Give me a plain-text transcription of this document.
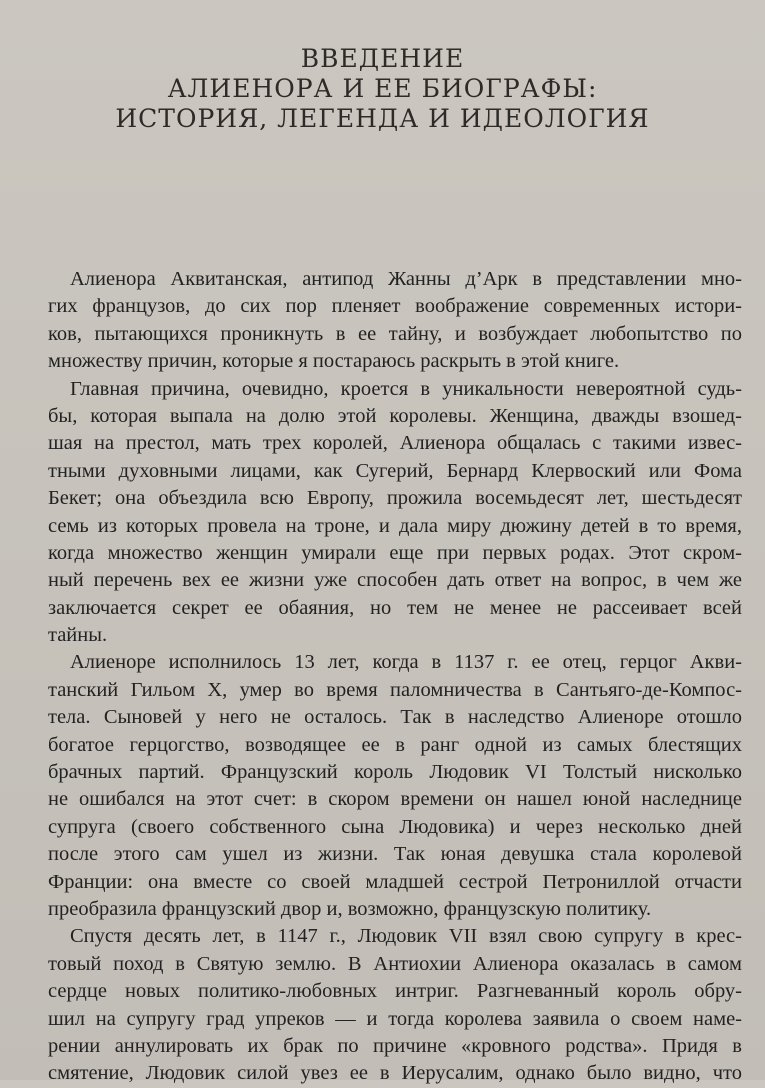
ВВЕДЕНИЕ
АЛИЕНОРА И ЕЕ БИОГРАФЫ:
ИСТОРИЯ, ЛЕГЕНДА И ИДЕОЛОГИЯ
Алиенора Аквитанская, антипод Жанны д’Арк в представлении мно-
гих французов, до сих пор пленяет воображение современных истори-
ков, пытающихся проникнуть в ее тайну, и возбуждает любопытство по
множеству причин, которые я постараюсь раскрыть в этой книге.
Главная причина, очевидно, кроется в уникальности невероятной судь-
бы, которая выпала на долю этой королевы. Женщина, дважды взошед-
шая на престол, мать трех королей, Алиенора общалась с такими извес-
тными духовными лицами, как Сугерий, Бернард Клервоский или Фома
Бекет; она объездила всю Европу, прожила восемьдесят лет, шестьдесят
семь из которых провела на троне, и дала миру дюжину детей в то время,
когда множество женщин умирали еще при первых родах. Этот скром-
ный перечень вех ее жизни уже способен дать ответ на вопрос, в чем же
заключается секрет ее обаяния, но тем не менее не рассеивает всей
тайны.
Алиеноре исполнилось 13 лет, когда в 1137 г. ее отец, герцог Акви-
танский Гильом X, умер во время паломничества в Сантьяго-де-Компос-
тела. Сыновей у него не осталось. Так в наследство Алиеноре отошло
богатое герцогство, возводящее ее в ранг одной из самых блестящих
брачных партий. Французский король Людовик VI Толстый нисколько
не ошибался на этот счет: в скором времени он нашел юной наследнице
супруга (своего собственного сына Людовика) и через несколько дней
после этого сам ушел из жизни. Так юная девушка стала королевой
Франции: она вместе со своей младшей сестрой Петрониллой отчасти
преобразила французский двор и, возможно, французскую политику.
Спустя десять лет, в 1147 г., Людовик VII взял свою супругу в крес-
товый поход в Святую землю. В Антиохии Алиенора оказалась в самом
сердце новых политико-любовных интриг. Разгневанный король обру-
шил на супругу град упреков — и тогда королева заявила о своем наме-
рении аннулировать их брак по причине «кровного родства». Придя в
смятение, Людовик силой увез ее в Иерусалим, однако было видно, что
